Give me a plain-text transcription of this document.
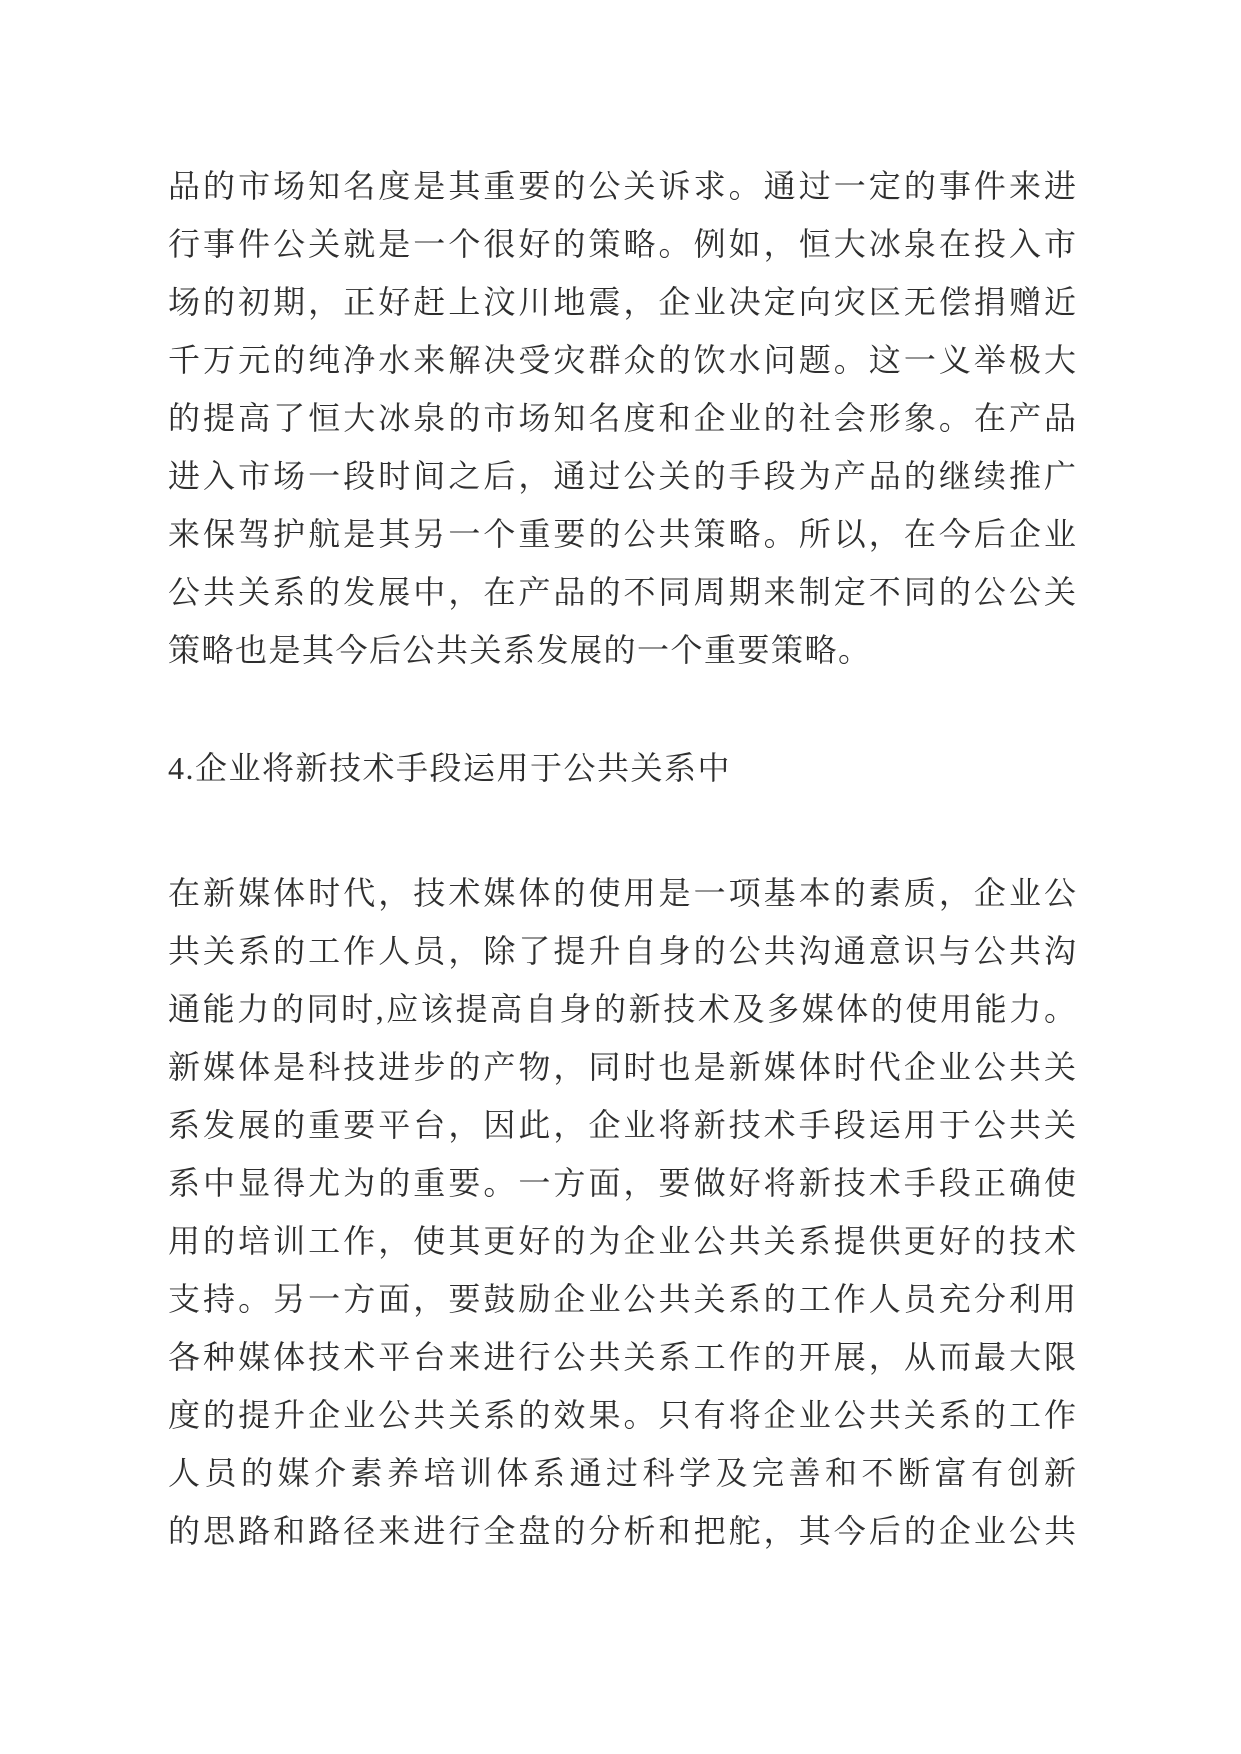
品的市场知名度是其重要的公关诉求。通过一定的事件来进
行事件公关就是一个很好的策略。例如，恒大冰泉在投入市
场的初期，正好赶上汶川地震，企业决定向灾区无偿捐赠近
千万元的纯净水来解决受灾群众的饮水问题。这一义举极大
的提高了恒大冰泉的市场知名度和企业的社会形象。在产品
进入市场一段时间之后，通过公关的手段为产品的继续推广
来保驾护航是其另一个重要的公共策略。所以，在今后企业
公共关系的发展中，在产品的不同周期来制定不同的公公关
策略也是其今后公共关系发展的一个重要策略。
4.企业将新技术手段运用于公共关系中
在新媒体时代，技术媒体的使用是一项基本的素质，企业公
共关系的工作人员，除了提升自身的公共沟通意识与公共沟
通能力的同时,应该提高自身的新技术及多媒体的使用能力。
新媒体是科技进步的产物，同时也是新媒体时代企业公共关
系发展的重要平台，因此，企业将新技术手段运用于公共关
系中显得尤为的重要。一方面，要做好将新技术手段正确使
用的培训工作，使其更好的为企业公共关系提供更好的技术
支持。另一方面，要鼓励企业公共关系的工作人员充分利用
各种媒体技术平台来进行公共关系工作的开展，从而最大限
度的提升企业公共关系的效果。只有将企业公共关系的工作
人员的媒介素养培训体系通过科学及完善和不断富有创新
的思路和路径来进行全盘的分析和把舵，其今后的企业公共
